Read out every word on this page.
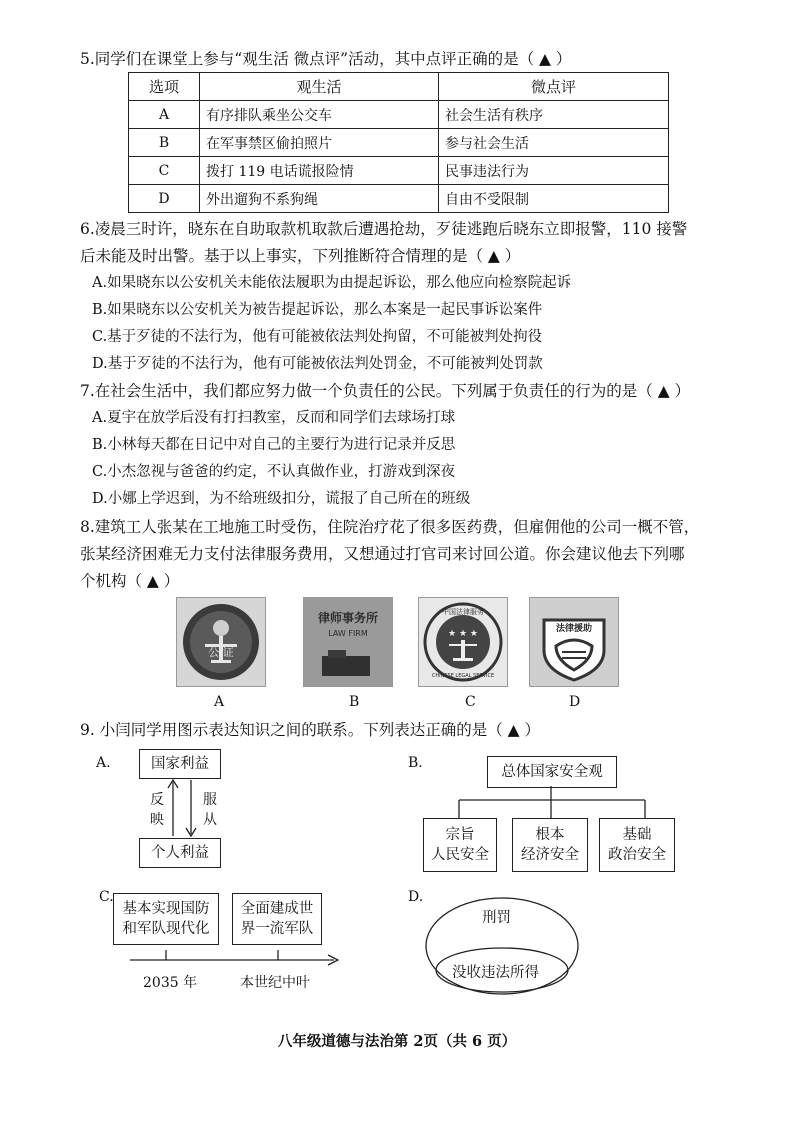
5.同学们在课堂上参与“观生活 微点评”活动，其中点评正确的是（ ▲ ）
选项	观生活	微点评
A	有序排队乘坐公交车	社会生活有秩序
B	在军事禁区偷拍照片	参与社会生活
C	拨打 119 电话谎报险情	民事违法行为
D	外出遛狗不系狗绳	自由不受限制
6.凌晨三时许，晓东在自助取款机取款后遭遇抢劫，歹徒逃跑后晓东立即报警，110 接警
后未能及时出警。基于以上事实，下列推断符合情理的是（ ▲ ）
A.如果晓东以公安机关未能依法履职为由提起诉讼，那么他应向检察院起诉
B.如果晓东以公安机关为被告提起诉讼，那么本案是一起民事诉讼案件
C.基于歹徒的不法行为，他有可能被依法判处拘留，不可能被判处拘役
D.基于歹徒的不法行为，他有可能被依法判处罚金，不可能被判处罚款
7.在社会生活中，我们都应努力做一个负责任的公民。下列属于负责任的行为的是（ ▲ ）
A.夏宇在放学后没有打扫教室，反而和同学们去球场打球
B.小林每天都在日记中对自己的主要行为进行记录并反思
C.小杰忽视与爸爸的约定，不认真做作业，打游戏到深夜
D.小娜上学迟到，为不给班级扣分，谎报了自己所在的班级
8.建筑工人张某在工地施工时受伤，住院治疗花了很多医药费，但雇佣他的公司一概不管，
张某经济困难无力支付法律服务费用，又想通过打官司来讨回公道。你会建议他去下列哪
个机构（ ▲ ）
公 证
律师事务所
LAW FIRM
中国法律服务
CHINESE LEGAL SERVICE
★ ★ ★	法律援助
A	B	C	D
9. 小闫同学用图示表达知识之间的联系。下列表达正确的是（ ▲ ）
A.	国家利益
个人利益
反映
服从
B.
总体国家安全观
宗旨
人民安全
根本
经济安全
基础
政治安全
C.
基本实现国防
和军队现代化
全面建成世
界一流军队
2035 年	本世纪中叶
D.
刑罚
没收违法所得
八年级道德与法治第 2页（共 6 页）
